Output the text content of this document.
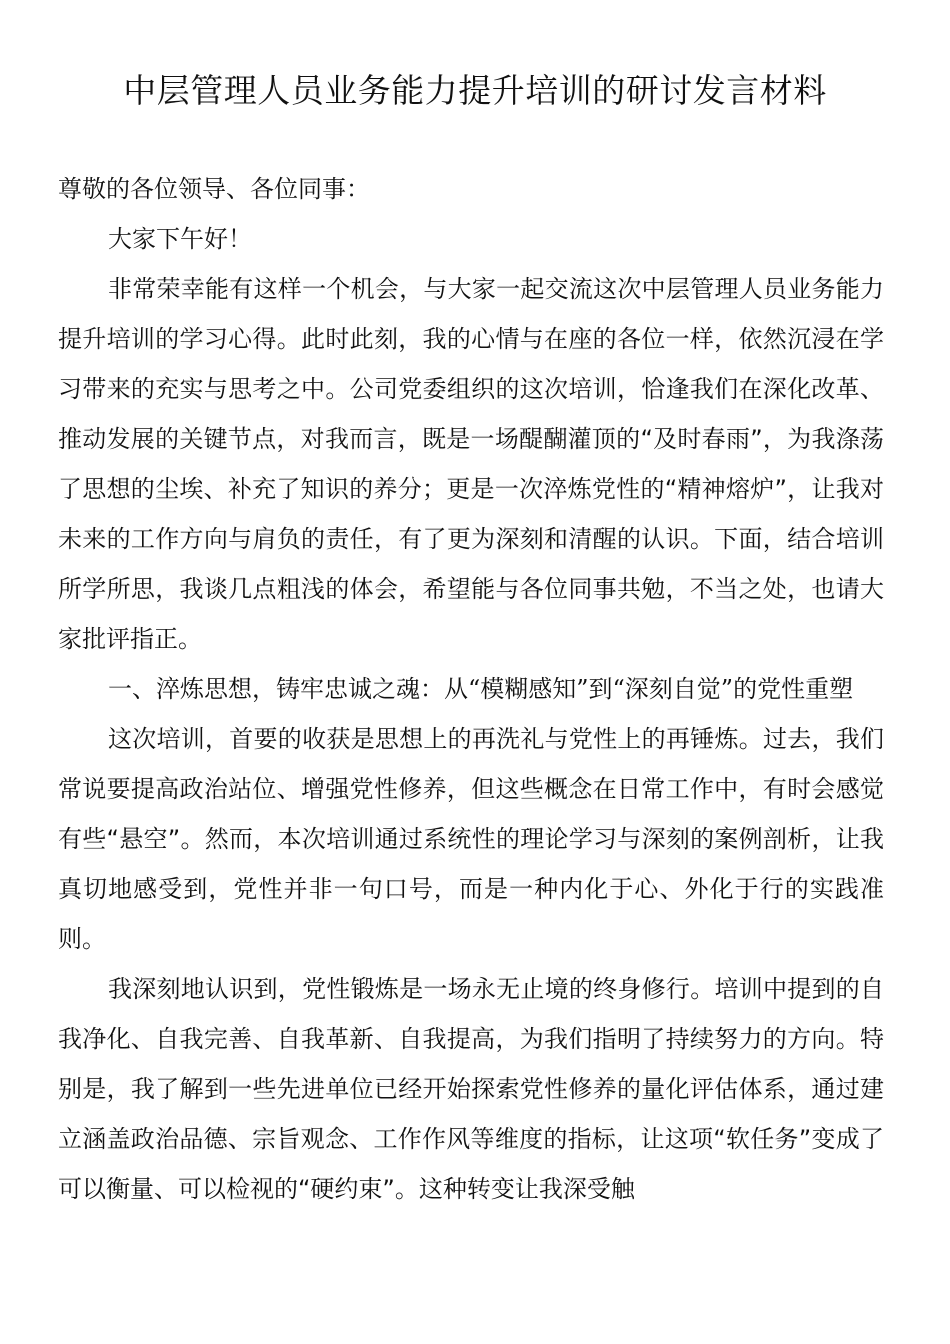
中层管理人员业务能力提升培训的研讨发言材料

尊敬的各位领导、各位同事：

大家下午好！

非常荣幸能有这样一个机会，与大家一起交流这次中层管理人员业务能力提升培训的学习心得。此时此刻，我的心情与在座的各位一样，依然沉浸在学习带来的充实与思考之中。公司党委组织的这次培训，恰逢我们在深化改革、推动发展的关键节点，对我而言，既是一场醍醐灌顶的“及时春雨”，为我涤荡了思想的尘埃、补充了知识的养分；更是一次淬炼党性的“精神熔炉”，让我对未来的工作方向与肩负的责任，有了更为深刻和清醒的认识。下面，结合培训所学所思，我谈几点粗浅的体会，希望能与各位同事共勉，不当之处，也请大家批评指正。

一、淬炼思想，铸牢忠诚之魂：从“模糊感知”到“深刻自觉”的党性重塑

这次培训，首要的收获是思想上的再洗礼与党性上的再锤炼。过去，我们常说要提高政治站位、增强党性修养，但这些概念在日常工作中，有时会感觉有些“悬空”。然而，本次培训通过系统性的理论学习与深刻的案例剖析，让我真切地感受到，党性并非一句口号，而是一种内化于心、外化于行的实践准则。

我深刻地认识到，党性锻炼是一场永无止境的终身修行。培训中提到的自我净化、自我完善、自我革新、自我提高，为我们指明了持续努力的方向。特别是，我了解到一些先进单位已经开始探索党性修养的量化评估体系，通过建立涵盖政治品德、宗旨观念、工作作风等维度的指标，让这项“软任务”变成了可以衡量、可以检视的“硬约束”。这种转变让我深受触
